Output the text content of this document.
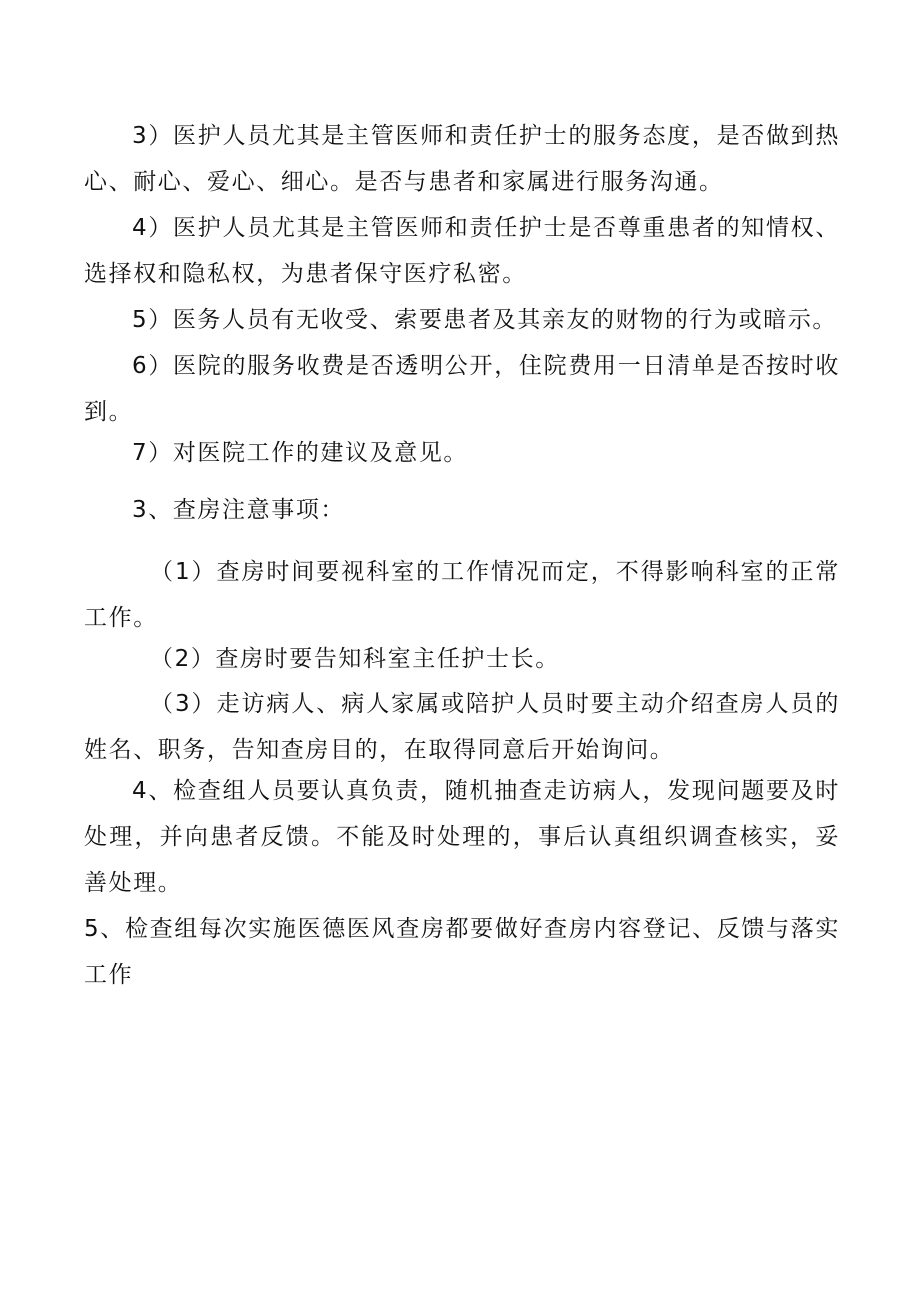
3）医护人员尤其是主管医师和责任护士的服务态度，是否做到热心、耐心、爱心、细心。是否与患者和家属进行服务沟通。

4）医护人员尤其是主管医师和责任护士是否尊重患者的知情权、选择权和隐私权，为患者保守医疗私密。

5）医务人员有无收受、索要患者及其亲友的财物的行为或暗示。

6）医院的服务收费是否透明公开，住院费用一日清单是否按时收到。

7）对医院工作的建议及意见。

3、查房注意事项：

（1）查房时间要视科室的工作情况而定，不得影响科室的正常工作。

（2）查房时要告知科室主任护士长。

（3）走访病人、病人家属或陪护人员时要主动介绍查房人员的姓名、职务，告知查房目的，在取得同意后开始询问。

4、检查组人员要认真负责，随机抽查走访病人，发现问题要及时处理，并向患者反馈。不能及时处理的，事后认真组织调查核实，妥善处理。

5、检查组每次实施医德医风查房都要做好查房内容登记、反馈与落实工作
